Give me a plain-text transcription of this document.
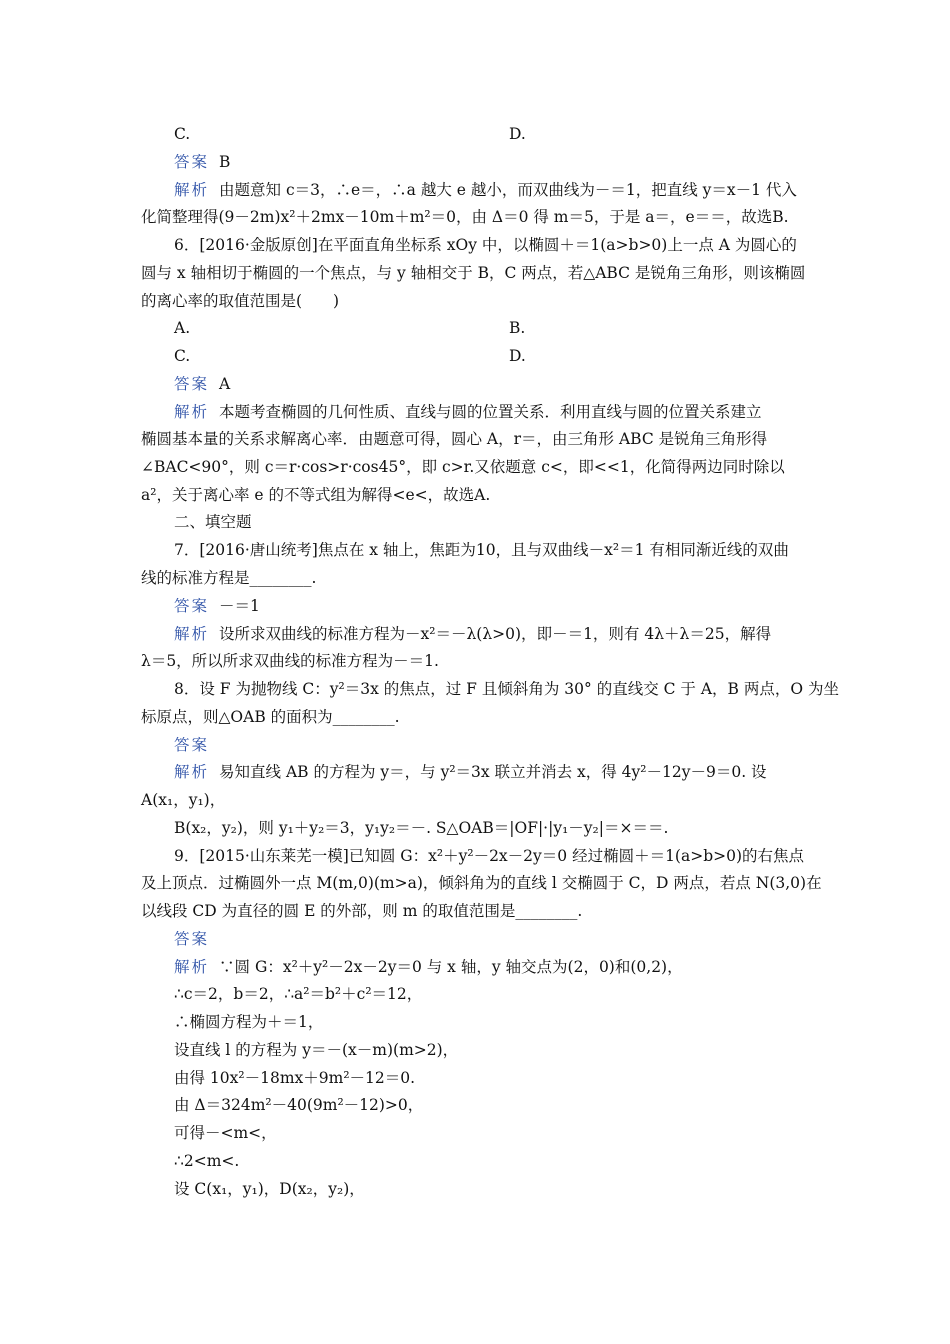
C.	D.
答案 B
解析 由题意知 c＝3，∴e＝，∴a 越大 e 越小，而双曲线为－＝1，把直线 y＝x－1 代入
化简整理得(9－2m)x²＋2mx－10m＋m²＝0，由 Δ＝0 得 m＝5，于是 a＝，e＝＝，故选B.
6．[2016·金版原创]在平面直角坐标系 xOy 中，以椭圆＋＝1(a>b>0)上一点 A 为圆心的
圆与 x 轴相切于椭圆的一个焦点，与 y 轴相交于 B，C 两点，若△ABC 是锐角三角形，则该椭圆
的离心率的取值范围是(　　)
A.	B.
C.	D.
答案 A
解析 本题考查椭圆的几何性质、直线与圆的位置关系．利用直线与圆的位置关系建立
椭圆基本量的关系求解离心率．由题意可得，圆心 A，r＝，由三角形 ABC 是锐角三角形得
∠BAC<90°，则 c＝r·cos>r·cos45°，即 c>r.又依题意 c<，即<<1，化简得两边同时除以
a²，关于离心率 e 的不等式组为解得<e<，故选A.
二、填空题
7．[2016·唐山统考]焦点在 x 轴上，焦距为10，且与双曲线－x²＝1 有相同渐近线的双曲
线的标准方程是________.
答案 －＝1
解析 设所求双曲线的标准方程为－x²＝－λ(λ>0)，即－＝1，则有 4λ＋λ＝25，解得
λ＝5，所以所求双曲线的标准方程为－＝1.
8．设 F 为抛物线 C：y²＝3x 的焦点，过 F 且倾斜角为 30° 的直线交 C 于 A，B 两点，O 为坐
标原点，则△OAB 的面积为________.
答案
解析 易知直线 AB 的方程为 y＝，与 y²＝3x 联立并消去 x，得 4y²－12y－9＝0. 设
A(x₁，y₁)，
B(x₂，y₂)，则 y₁＋y₂＝3，y₁y₂＝－. S△OAB＝|OF|·|y₁－y₂|＝×＝＝.
9．[2015·山东莱芜一模]已知圆 G：x²＋y²－2x－2y＝0 经过椭圆＋＝1(a>b>0)的右焦点
及上顶点．过椭圆外一点 M(m,0)(m>a)，倾斜角为的直线 l 交椭圆于 C，D 两点，若点 N(3,0)在
以线段 CD 为直径的圆 E 的外部，则 m 的取值范围是________.
答案
解析 ∵圆 G：x²＋y²－2x－2y＝0 与 x 轴，y 轴交点为(2，0)和(0,2)，
∴c＝2，b＝2，∴a²＝b²＋c²＝12，
∴椭圆方程为＋＝1，
设直线 l 的方程为 y＝－(x－m)(m>2)，
由得 10x²－18mx＋9m²－12＝0.
由 Δ＝324m²－40(9m²－12)>0，
可得－<m<，
∴2<m<.
设 C(x₁，y₁)，D(x₂，y₂)，
